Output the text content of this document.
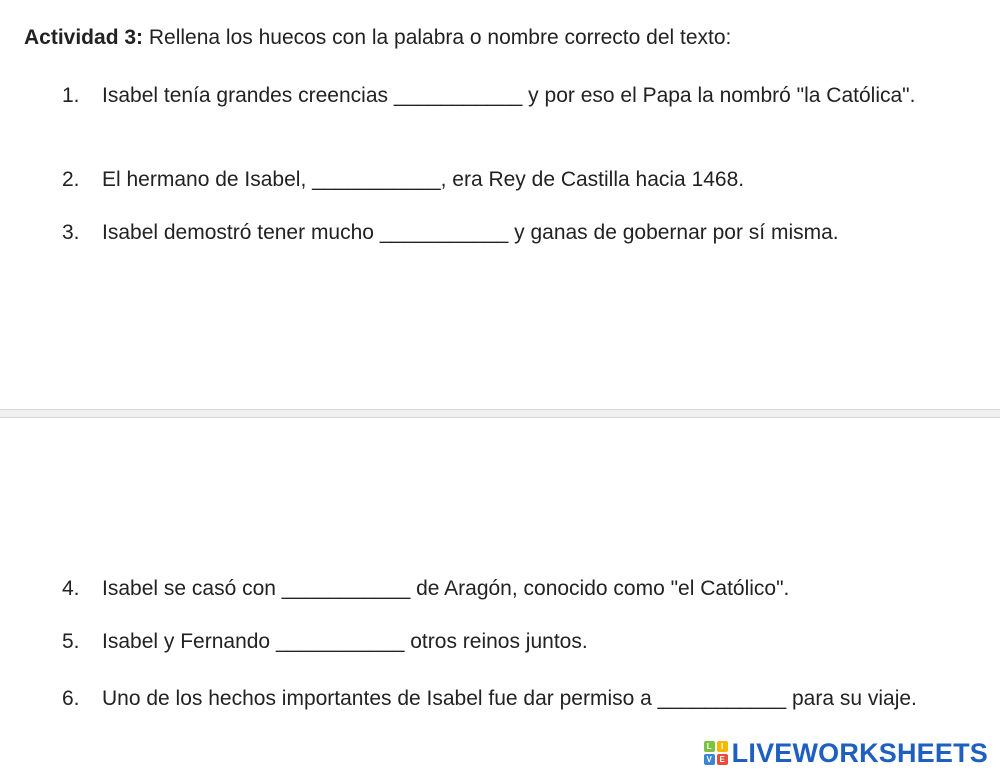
Actividad 3: Rellena los huecos con la palabra o nombre correcto del texto:
1.	Isabel tenía grandes creencias ___________ y por eso el Papa la nombró "la Católica".
2.	El hermano de Isabel, ___________, era Rey de Castilla hacia 1468.
3.	Isabel demostró tener mucho ___________ y ganas de gobernar por sí misma.
4.	Isabel se casó con ___________ de Aragón, conocido como "el Católico".
5.	Isabel y Fernando ___________ otros reinos juntos.
6.	Uno de los hechos importantes de Isabel fue dar permiso a ___________ para su viaje.
L	I
V E LIVEWORKSHEETS
